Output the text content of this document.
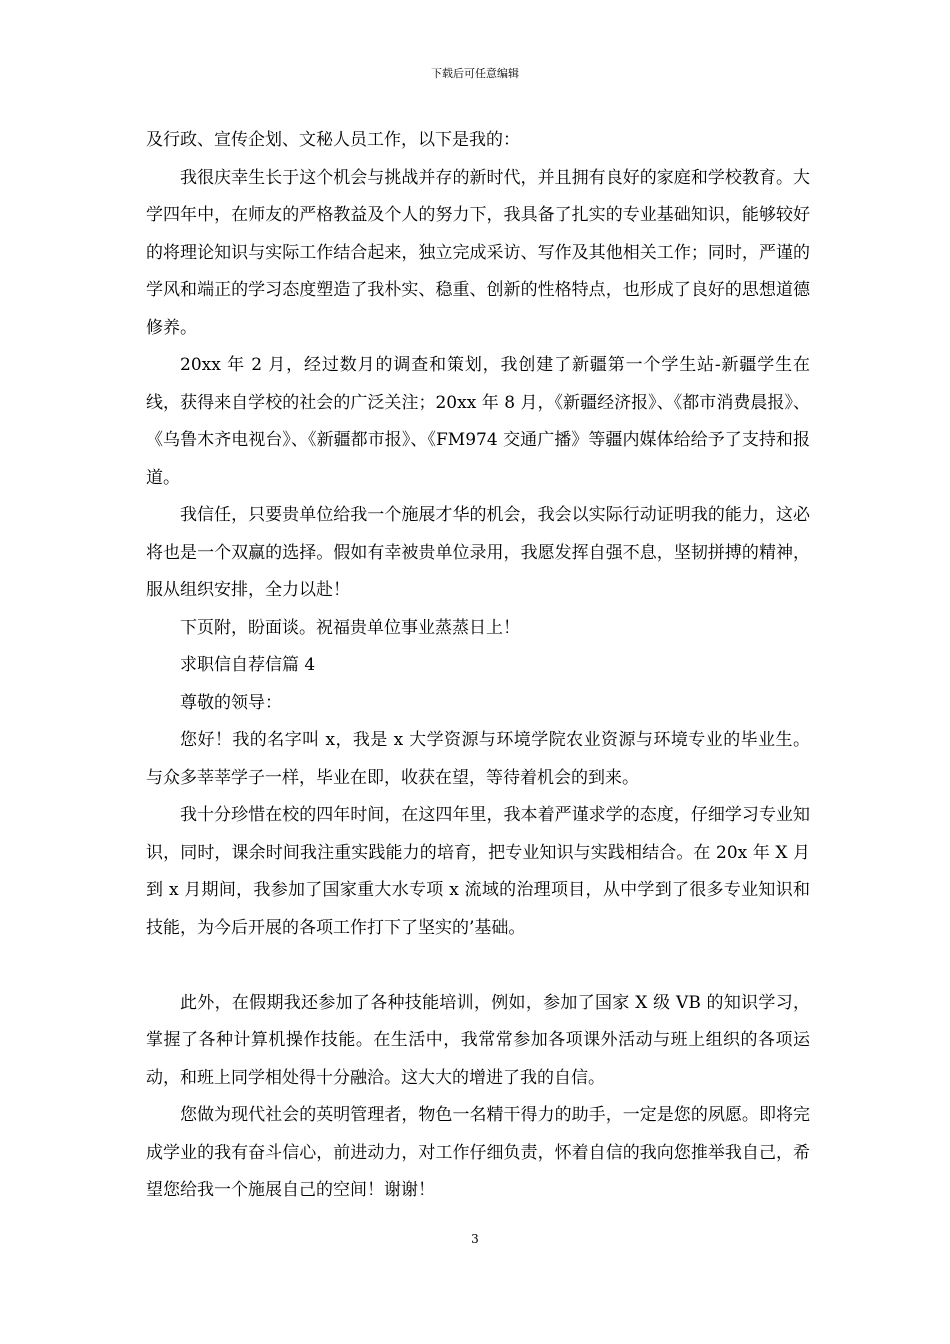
下载后可任意编辑

及行政、宣传企划、文秘人员工作，以下是我的：

我很庆幸生长于这个机会与挑战并存的新时代，并且拥有良好的家庭和学校教育。大学四年中，在师友的严格教益及个人的努力下，我具备了扎实的专业基础知识，能够较好的将理论知识与实际工作结合起来，独立完成采访、写作及其他相关工作；同时，严谨的学风和端正的学习态度塑造了我朴实、稳重、创新的性格特点，也形成了良好的思想道德修养。

20xx 年 2 月，经过数月的调查和策划，我创建了新疆第一个学生站-新疆学生在线，获得来自学校的社会的广泛关注；20xx 年 8 月，《新疆经济报》、《都市消费晨报》、《乌鲁木齐电视台》、《新疆都市报》、《FM974 交通广播》等疆内媒体给给予了支持和报道。

我信任，只要贵单位给我一个施展才华的机会，我会以实际行动证明我的能力，这必将也是一个双赢的选择。假如有幸被贵单位录用，我愿发挥自强不息，坚韧拼搏的精神，服从组织安排，全力以赴！

下页附，盼面谈。祝福贵单位事业蒸蒸日上！

求职信自荐信篇 4

尊敬的领导：

您好！我的名字叫 x，我是 x 大学资源与环境学院农业资源与环境专业的毕业生。与众多莘莘学子一样，毕业在即，收获在望，等待着机会的到来。

我十分珍惜在校的四年时间，在这四年里，我本着严谨求学的态度，仔细学习专业知识，同时，课余时间我注重实践能力的培育，把专业知识与实践相结合。在 20x 年 X 月到 x 月期间，我参加了国家重大水专项 x 流域的治理项目，从中学到了很多专业知识和技能，为今后开展的各项工作打下了坚实的’基础。

此外，在假期我还参加了各种技能培训，例如，参加了国家 X 级 VB 的知识学习，掌握了各种计算机操作技能。在生活中，我常常参加各项课外活动与班上组织的各项运动，和班上同学相处得十分融洽。这大大的增进了我的自信。

您做为现代社会的英明管理者，物色一名精干得力的助手，一定是您的夙愿。即将完成学业的我有奋斗信心，前进动力，对工作仔细负责，怀着自信的我向您推举我自己，希望您给我一个施展自己的空间！谢谢！

3
